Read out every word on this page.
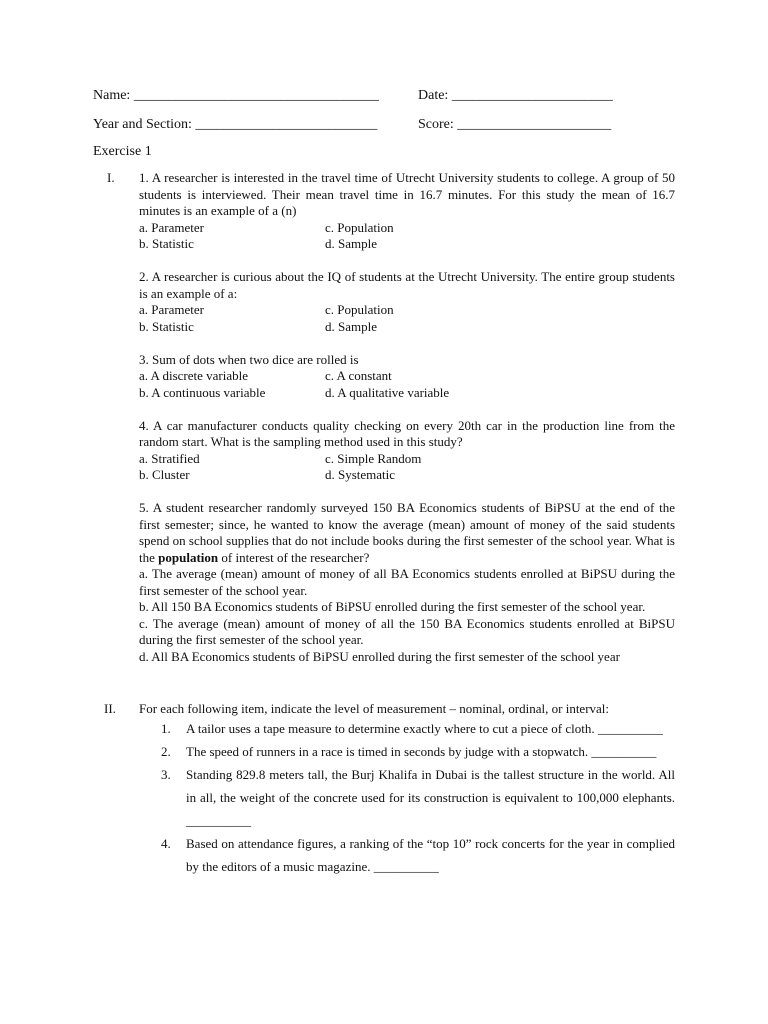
Name: ___________________________________	Date: _______________________
Year and Section: __________________________	Score: ______________________
Exercise 1
I. 1. A researcher is interested in the travel time of Utrecht University students to college. A group of 50 students is interviewed. Their mean travel time in 16.7 minutes. For this study the mean of 16.7 minutes is an example of a (n)
a. Parameter	c. Population
b. Statistic	d. Sample
2. A researcher is curious about the IQ of students at the Utrecht University. The entire group students is an example of a:
a. Parameter	c. Population
b. Statistic	d. Sample
3. Sum of dots when two dice are rolled is
a. A discrete variable	c. A constant
b. A continuous variable	d. A qualitative variable
4. A car manufacturer conducts quality checking on every 20th car in the production line from the random start. What is the sampling method used in this study?
a. Stratified	c. Simple Random
b. Cluster	d. Systematic
5. A student researcher randomly surveyed 150 BA Economics students of BiPSU at the end of the first semester; since, he wanted to know the average (mean) amount of money of the said students spend on school supplies that do not include books during the first semester of the school year. What is the population of interest of the researcher?
a. The average (mean) amount of money of all BA Economics students enrolled at BiPSU during the first semester of the school year.
b. All 150 BA Economics students of BiPSU enrolled during the first semester of the school year.
c. The average (mean) amount of money of all the 150 BA Economics students enrolled at BiPSU during the first semester of the school year.
d. All BA Economics students of BiPSU enrolled during the first semester of the school year
II. For each following item, indicate the level of measurement – nominal, ordinal, or interval:
1.	A tailor uses a tape measure to determine exactly where to cut a piece of cloth. __________
2.	The speed of runners in a race is timed in seconds by judge with a stopwatch. __________
3.	Standing 829.8 meters tall, the Burj Khalifa in Dubai is the tallest structure in the world. All in all, the weight of the concrete used for its construction is equivalent to 100,000 elephants. __________
4.	Based on attendance figures, a ranking of the “top 10” rock concerts for the year in complied by the editors of a music magazine. __________
